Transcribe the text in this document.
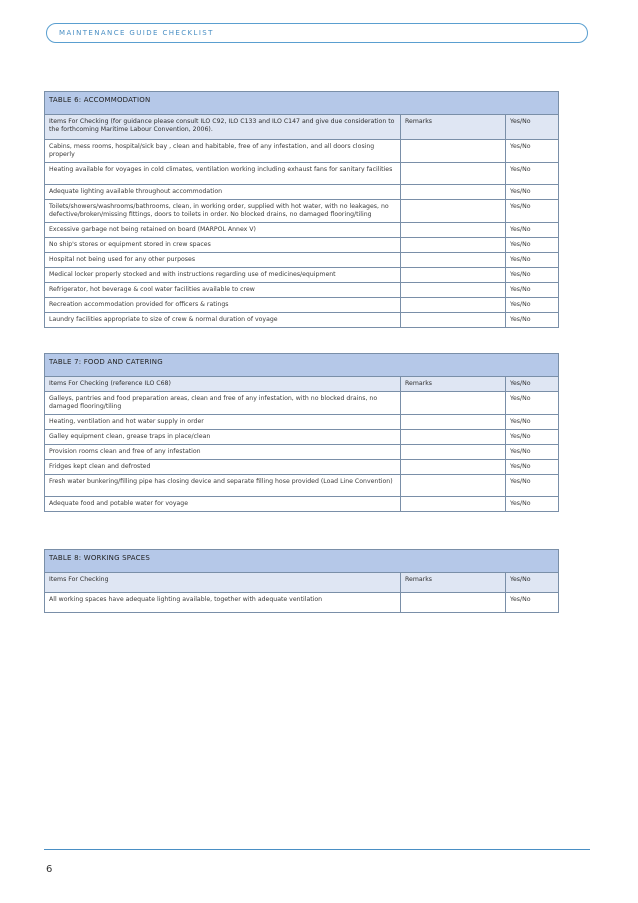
MAINTENANCE GUIDE CHECKLIST
TABLE 6: ACCOMMODATION		
Items For Checking (for guidance please consult ILO C92, ILO C133 and ILO C147 and give due consideration to the forthcoming Maritime Labour Convention, 2006).	Remarks	Yes/No
Cabins, mess rooms, hospital/sick bay , clean and habitable, free of any infestation, and all doors closing properly		Yes/No
Heating available for voyages in cold climates, ventilation working including exhaust fans for sanitary facilities		Yes/No
Adequate lighting available throughout accommodation		Yes/No
Toilets/showers/washrooms/bathrooms, clean, in working order, supplied with hot water, with no leakages, no defective/broken/missing fittings, doors to toilets in order. No blocked drains, no damaged flooring/tiling		Yes/No
Excessive garbage not being retained on board (MARPOL Annex V)		Yes/No
No ship's stores or equipment stored in crew spaces		Yes/No
Hospital not being used for any other purposes		Yes/No
Medical locker properly stocked and with instructions regarding use of medicines/equipment		Yes/No
Refrigerator, hot beverage & cool water facilities available to crew		Yes/No
Recreation accommodation provided for officers & ratings		Yes/No
Laundry facilities appropriate to size of crew & normal duration of voyage		Yes/No
TABLE 7: FOOD AND CATERING		
Items For Checking (reference ILO C68)	Remarks	Yes/No
Galleys, pantries and food preparation areas, clean and free of any infestation, with no blocked drains, no damaged flooring/tiling		Yes/No
Heating, ventilation and hot water supply in order		Yes/No
Galley equipment clean, grease traps in place/clean		Yes/No
Provision rooms clean and free of any infestation		Yes/No
Fridges kept clean and defrosted		Yes/No
Fresh water bunkering/filling pipe has closing device and separate filling hose provided (Load Line Convention)		Yes/No
Adequate food and potable water for voyage		Yes/No
TABLE 8: WORKING SPACES		
Items For Checking	Remarks	Yes/No
All working spaces have adequate lighting available, together with adequate ventilation		Yes/No
6
